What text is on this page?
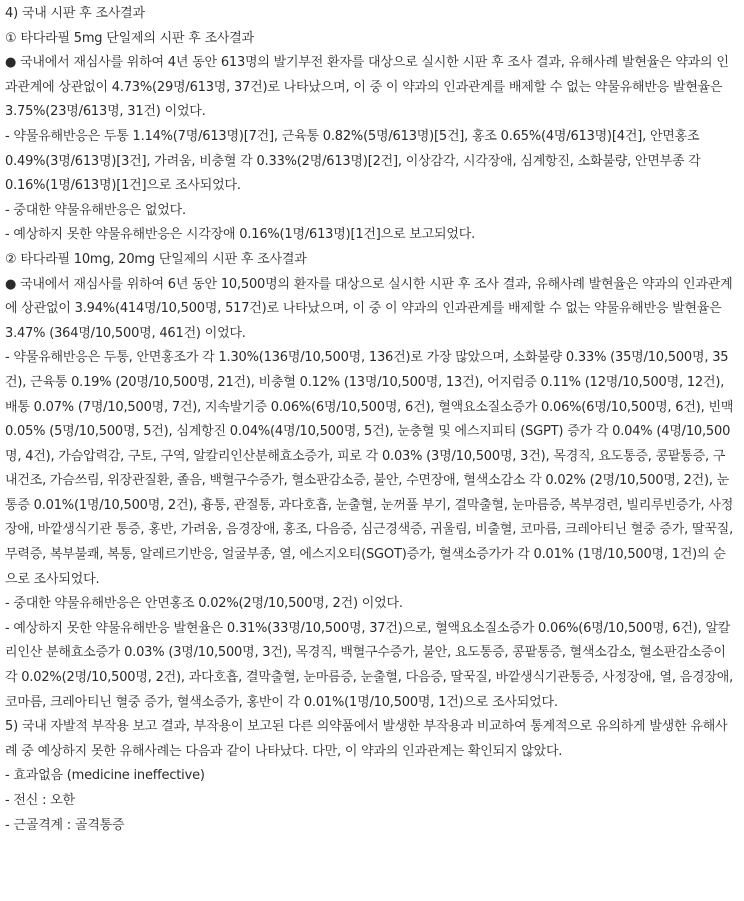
4) 국내 시판 후 조사결과

① 타다라필 5mg 단일제의 시판 후 조사결과

● 국내에서 재심사를 위하여 4년 동안 613명의 발기부전 환자를 대상으로 실시한 시판 후 조사 결과, 유해사례 발현율은 약과의 인과관계에 상관없이 4.73%(29명/613명, 37건)로 나타났으며, 이 중 이 약과의 인과관계를 배제할 수 없는 약물유해반응 발현율은 3.75%(23명/613명, 31건) 이었다.

- 약물유해반응은 두통 1.14%(7명/613명)[7건], 근육통 0.82%(5명/613명)[5건], 홍조 0.65%(4명/613명)[4건], 안면홍조 0.49%(3명/613명)[3건], 가려움, 비충혈 각 0.33%(2명/613명)[2건], 이상감각, 시각장애, 심계항진, 소화불량, 안면부종 각 0.16%(1명/613명)[1건]으로 조사되었다.

- 중대한 약물유해반응은 없었다.

- 예상하지 못한 약물유해반응은 시각장애 0.16%(1명/613명)[1건]으로 보고되었다.

② 타다라필 10mg, 20mg 단일제의 시판 후 조사결과

● 국내에서 재심사를 위하여 6년 동안 10,500명의 환자를 대상으로 실시한 시판 후 조사 결과, 유해사례 발현율은 약과의 인과관계에 상관없이 3.94%(414명/10,500명, 517건)로 나타났으며, 이 중 이 약과의 인과관계를 배제할 수 없는 약물유해반응 발현율은 3.47% (364명/10,500명, 461건) 이었다.

- 약물유해반응은 두통, 안면홍조가 각 1.30%(136명/10,500명, 136건)로 가장 많았으며, 소화불량 0.33% (35명/10,500명, 35건), 근육통 0.19% (20명/10,500명, 21건), 비충혈 0.12% (13명/10,500명, 13건), 어지럼증 0.11% (12명/10,500명, 12건), 배통 0.07% (7명/10,500명, 7건), 지속발기증 0.06%(6명/10,500명, 6건), 혈액요소질소증가 0.06%(6명/10,500명, 6건), 빈맥 0.05% (5명/10,500명, 5건), 심계항진 0.04%(4명/10,500명, 5건), 눈충혈 및 에스지피티 (SGPT) 증가 각 0.04% (4명/10,500명, 4건), 가슴압력감, 구토, 구역, 알칼리인산분해효소증가, 피로 각 0.03% (3명/10,500명, 3건), 목경직, 요도통증, 콩팥통증, 구내건조, 가슴쓰림, 위장관질환, 졸음, 백혈구수증가, 혈소판감소증, 불안, 수면장애, 혈색소감소 각 0.02% (2명/10,500명, 2건), 눈통증 0.01%(1명/10,500명, 2건), 흉통, 관절통, 과다호흡, 눈출혈, 눈꺼풀 부기, 결막출혈, 눈마름증, 복부경련, 빌리루빈증가, 사정장애, 바깥생식기관 통증, 홍반, 가려움, 음경장애, 홍조, 다음증, 심근경색증, 귀울림, 비출혈, 코마름, 크레아티닌 혈중 증가, 딸꾹질, 무력증, 복부불쾌, 복통, 알레르기반응, 얼굴부종, 열, 에스지오티(SGOT)증가, 혈색소증가가 각 0.01% (1명/10,500명, 1건)의 순으로 조사되었다.

- 중대한 약물유해반응은 안면홍조 0.02%(2명/10,500명, 2건) 이었다.

- 예상하지 못한 약물유해반응 발현율은 0.31%(33명/10,500명, 37건)으로, 혈액요소질소증가 0.06%(6명/10,500명, 6건), 알칼리인산 분해효소증가 0.03% (3명/10,500명, 3건), 목경직, 백혈구수증가, 불안, 요도통증, 콩팥통증, 혈색소감소, 혈소판감소증이 각 0.02%(2명/10,500명, 2건), 과다호흡, 결막출혈, 눈마름증, 눈출혈, 다음증, 딸꾹질, 바깥생식기관통증, 사정장애, 열, 음경장애, 코마름, 크레아티닌 혈중 증가, 혈색소증가, 홍반이 각 0.01%(1명/10,500명, 1건)으로 조사되었다.

5) 국내 자발적 부작용 보고 결과, 부작용이 보고된 다른 의약품에서 발생한 부작용과 비교하여 통계적으로 유의하게 발생한 유해사례 중 예상하지 못한 유해사례는 다음과 같이 나타났다. 다만, 이 약과의 인과관계는 확인되지 않았다.

- 효과없음 (medicine ineffective)

- 전신 : 오한

- 근골격계 : 골격통증
